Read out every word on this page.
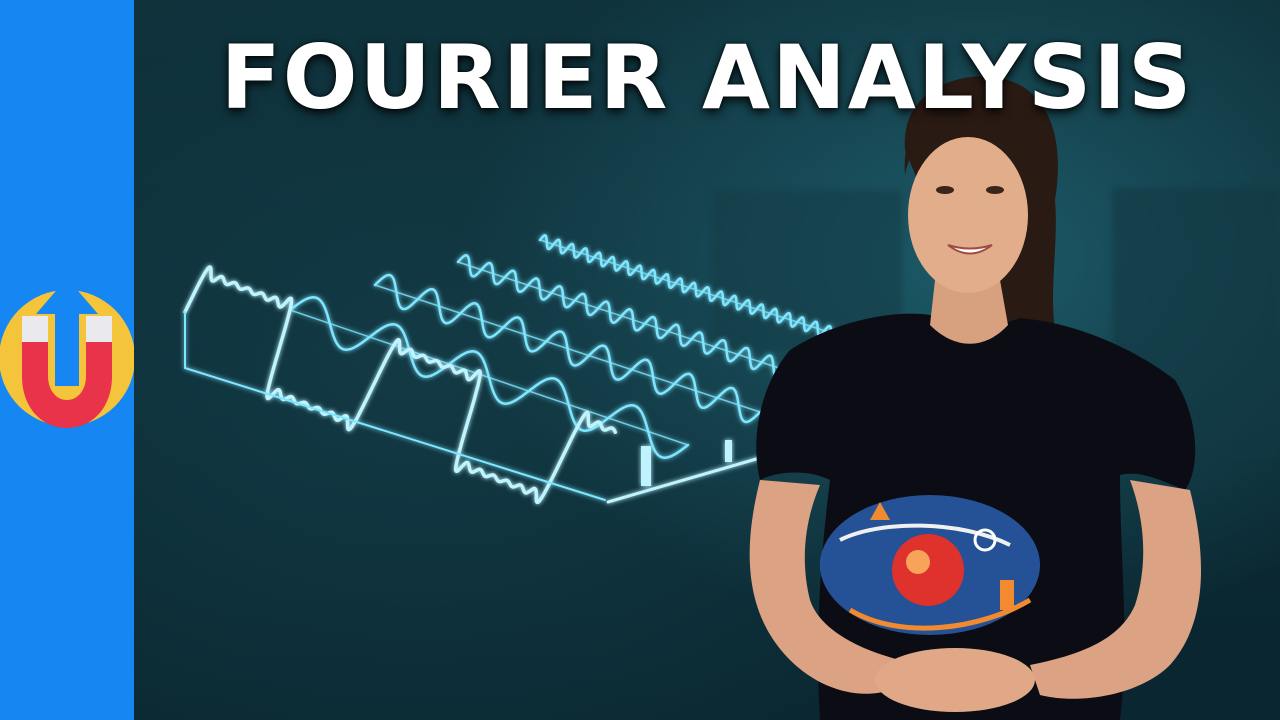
FOURIER ANALYSIS
